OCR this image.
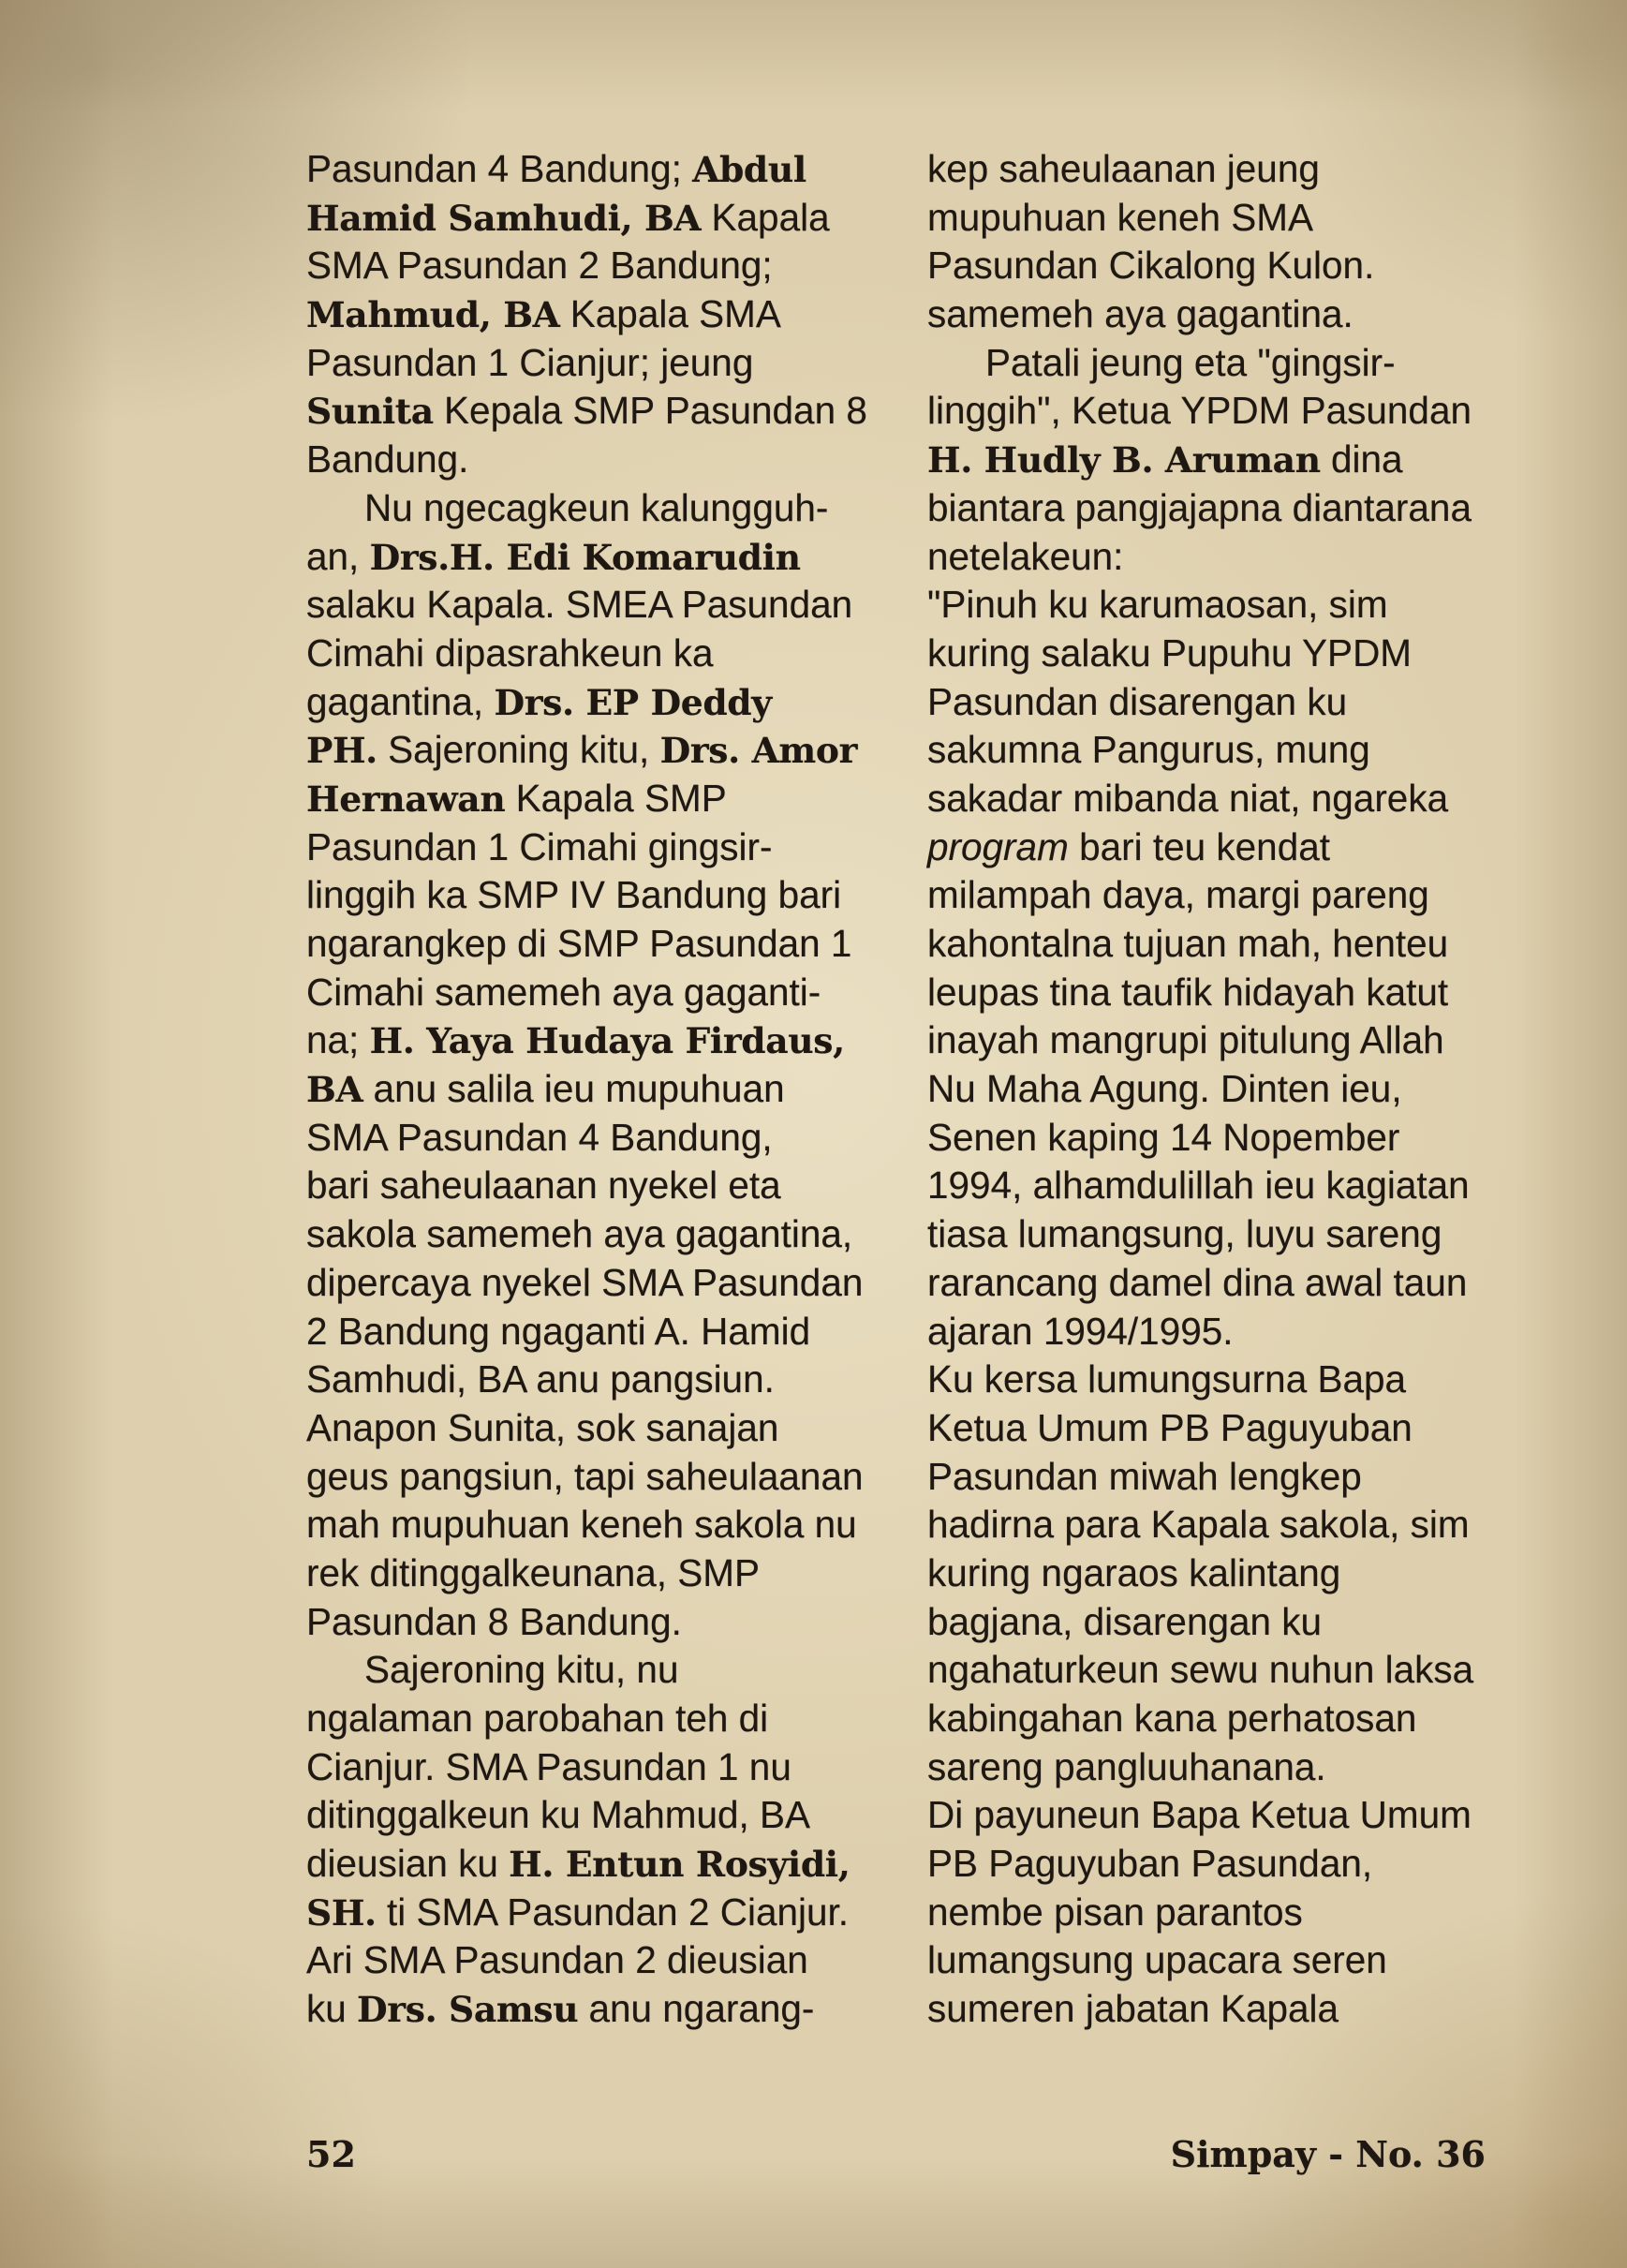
Pasundan 4 Bandung; Abdul
Hamid Samhudi, BA Kapala
SMA Pasundan 2 Bandung;
Mahmud, BA Kapala SMA
Pasundan 1 Cianjur; jeung
Sunita Kepala SMP Pasundan 8
Bandung.
Nu ngecagkeun kalungguh-
an, Drs.H. Edi Komarudin
salaku Kapala. SMEA Pasundan
Cimahi dipasrahkeun ka
gagantina, Drs. EP Deddy
PH. Sajeroning kitu, Drs. Amor
Hernawan Kapala SMP
Pasundan 1 Cimahi gingsir-
linggih ka SMP IV Bandung bari
ngarangkep di SMP Pasundan 1
Cimahi samemeh aya gaganti-
na; H. Yaya Hudaya Firdaus,
BA anu salila ieu mupuhuan
SMA Pasundan 4 Bandung,
bari saheulaanan nyekel eta
sakola samemeh aya gagantina,
dipercaya nyekel SMA Pasundan
2 Bandung ngaganti A. Hamid
Samhudi, BA anu pangsiun.
Anapon Sunita, sok sanajan
geus pangsiun, tapi saheulaanan
mah mupuhuan keneh sakola nu
rek ditinggalkeunana, SMP
Pasundan 8 Bandung.
Sajeroning kitu, nu
ngalaman parobahan teh di
Cianjur. SMA Pasundan 1 nu
ditinggalkeun ku Mahmud, BA
dieusian ku H. Entun Rosyidi,
SH. ti SMA Pasundan 2 Cianjur.
Ari SMA Pasundan 2 dieusian
ku Drs. Samsu anu ngarang-
kep saheulaanan jeung
mupuhuan keneh SMA
Pasundan Cikalong Kulon.
samemeh aya gagantina.
Patali jeung eta "gingsir-
linggih", Ketua YPDM Pasundan
H. Hudly B. Aruman dina
biantara pangjajapna diantarana
netelakeun:
"Pinuh ku karumaosan, sim
kuring salaku Pupuhu YPDM
Pasundan disarengan ku
sakumna Pangurus, mung
sakadar mibanda niat, ngareka
program bari teu kendat
milampah daya, margi pareng
kahontalna tujuan mah, henteu
leupas tina taufik hidayah katut
inayah mangrupi pitulung Allah
Nu Maha Agung. Dinten ieu,
Senen kaping 14 Nopember
1994, alhamdulillah ieu kagiatan
tiasa lumangsung, luyu sareng
rarancang damel dina awal taun
ajaran 1994/1995.
Ku kersa lumungsurna Bapa
Ketua Umum PB Paguyuban
Pasundan miwah lengkep
hadirna para Kapala sakola, sim
kuring ngaraos kalintang
bagjana, disarengan ku
ngahaturkeun sewu nuhun laksa
kabingahan kana perhatosan
sareng pangluuhanana.
Di payuneun Bapa Ketua Umum
PB Paguyuban Pasundan,
nembe pisan parantos
lumangsung upacara seren
sumeren jabatan Kapala
52	Simpay - No. 36
